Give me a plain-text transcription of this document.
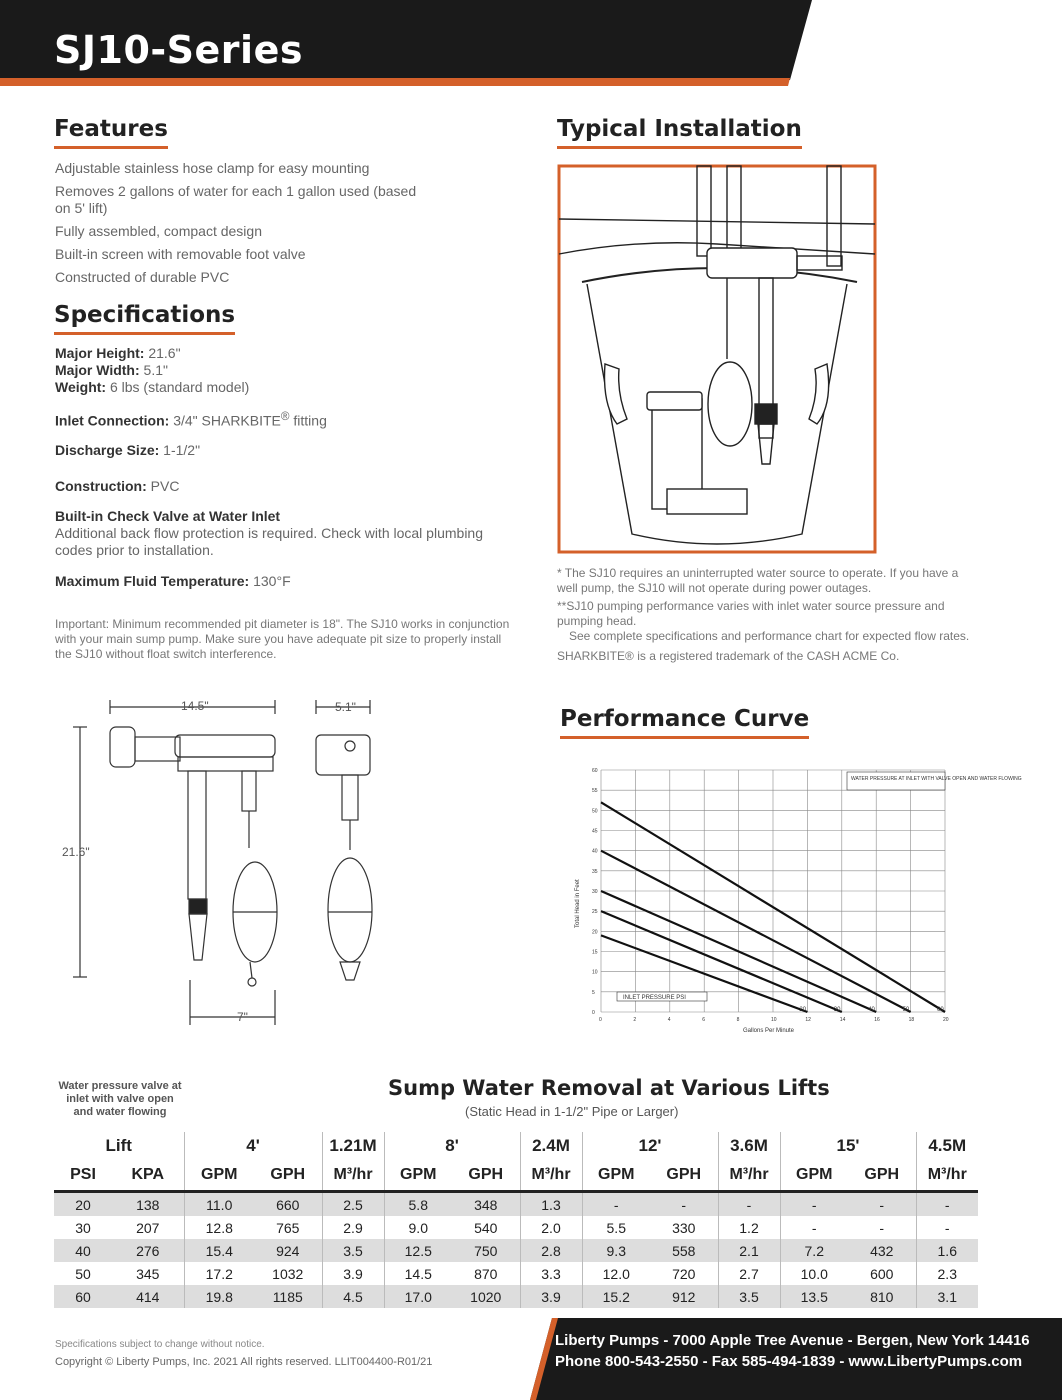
SJ10-Series
Features
Adjustable stainless hose clamp for easy mounting
Removes 2 gallons of water for each 1 gallon used (based on 5' lift)
Fully assembled, compact design
Built-in screen with removable foot valve
Constructed of durable PVC
Specifications
Major Height: 21.6"
Major Width: 5.1"
Weight: 6 lbs (standard model)
Inlet Connection: 3/4" SHARKBITE® fitting
Discharge Size: 1-1/2"
Construction: PVC
Built-in Check Valve at Water Inlet
Additional back flow protection is required. Check with local plumbing codes prior to installation.
Maximum Fluid Temperature: 130°F
Important: Minimum recommended pit diameter is 18". The SJ10 works in conjunction with your main sump pump. Make sure you have adequate pit size to properly install the SJ10 without float switch interference.
14.5"
21.6"
7"
5.1"
Typical Installation
* The SJ10 requires an uninterrupted water source to operate. If you have a well pump, the SJ10 will not operate during power outages.
**SJ10 pumping performance varies with inlet water source pressure and pumping head.
See complete specifications and performance chart for expected flow rates.
SHARKBITE® is a registered trademark of the CASH ACME Co.
Performance Curve
20	30	40	50	60
0	2	4	6	8	10	12	14	16	18	20
0
5
10
15
20
25
30
35
40
45
50
55
60
WATER PRESSURE AT INLET WITH VALVE OPEN AND WATER FLOWING
INLET PRESSURE PSI
Total Head in Feet
Gallons Per Minute
Water pressure valve at inlet with valve open and water flowing
Sump Water Removal at Various Lifts
(Static Head in 1-1/2" Pipe or Larger)
Lift		4'		1.21M	8'		2.4M	12'		3.6M	15'		4.5M
PSI	KPA	GPM	GPH	M³/hr	GPM	GPH	M³/hr	GPM	GPH	M³/hr	GPM	GPH	M³/hr
20	138	11.0	660	2.5	5.8	348	1.3	-	-	-	-	-	-
30	207	12.8	765	2.9	9.0	540	2.0	5.5	330	1.2	-	-	-
40	276	15.4	924	3.5	12.5	750	2.8	9.3	558	2.1	7.2	432	1.6
50	345	17.2	1032	3.9	14.5	870	3.3	12.0	720	2.7	10.0	600	2.3
60	414	19.8	1185	4.5	17.0	1020	3.9	15.2	912	3.5	13.5	810	3.1
Specifications subject to change without notice.
Copyright © Liberty Pumps, Inc. 2021 All rights reserved. LLIT004400-R01/21
Liberty Pumps - 7000 Apple Tree Avenue - Bergen, New York 14416
Phone 800-543-2550 - Fax 585-494-1839 - www.LibertyPumps.com
